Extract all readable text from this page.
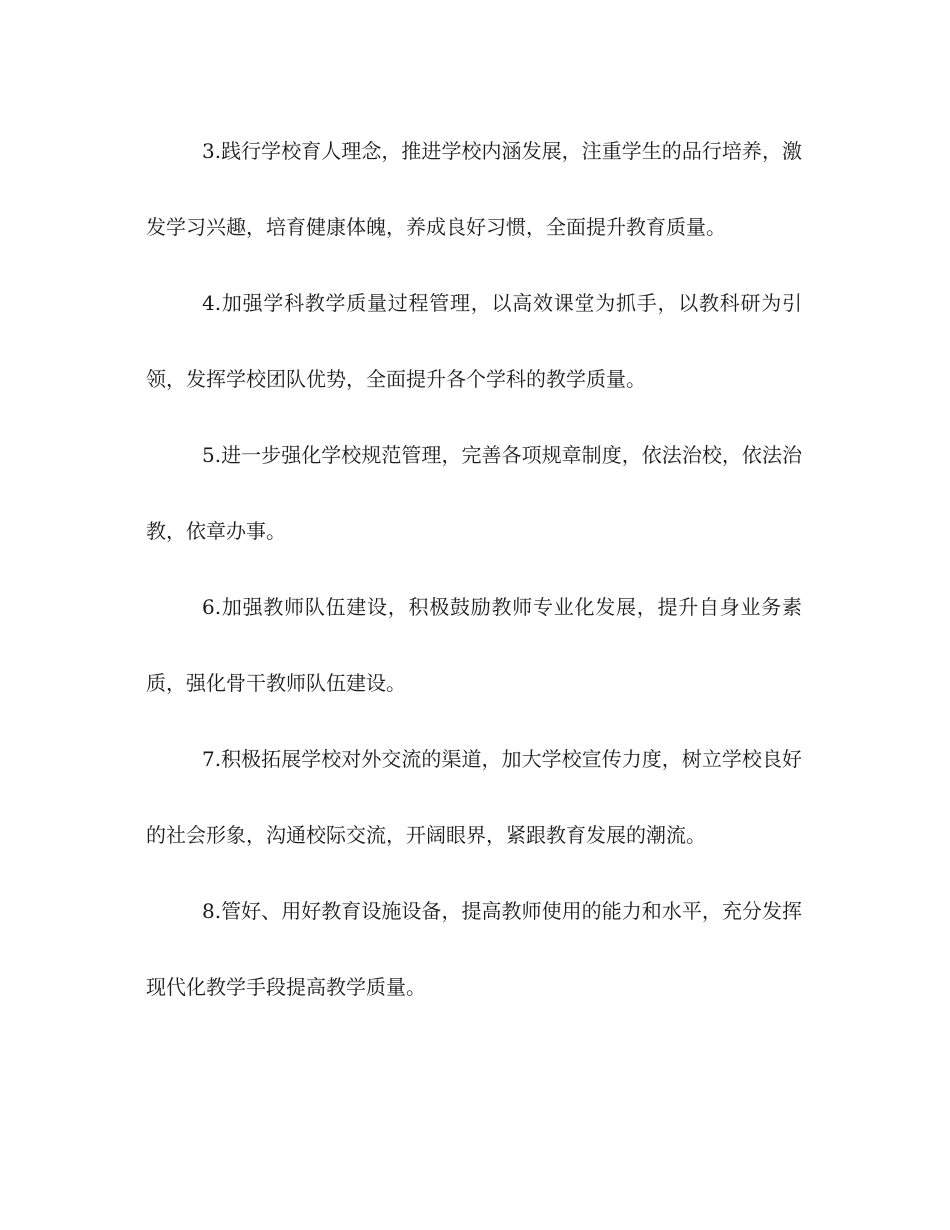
3.践行学校育人理念，推进学校内涵发展，注重学生的品行培养，激发学习兴趣，培育健康体魄，养成良好习惯，全面提升教育质量。

4.加强学科教学质量过程管理，以高效课堂为抓手，以教科研为引领，发挥学校团队优势，全面提升各个学科的教学质量。

5.进一步强化学校规范管理，完善各项规章制度，依法治校，依法治教，依章办事。

6.加强教师队伍建设，积极鼓励教师专业化发展，提升自身业务素质，强化骨干教师队伍建设。

7.积极拓展学校对外交流的渠道，加大学校宣传力度，树立学校良好的社会形象，沟通校际交流，开阔眼界，紧跟教育发展的潮流。

8.管好、用好教育设施设备，提高教师使用的能力和水平，充分发挥现代化教学手段提高教学质量。
